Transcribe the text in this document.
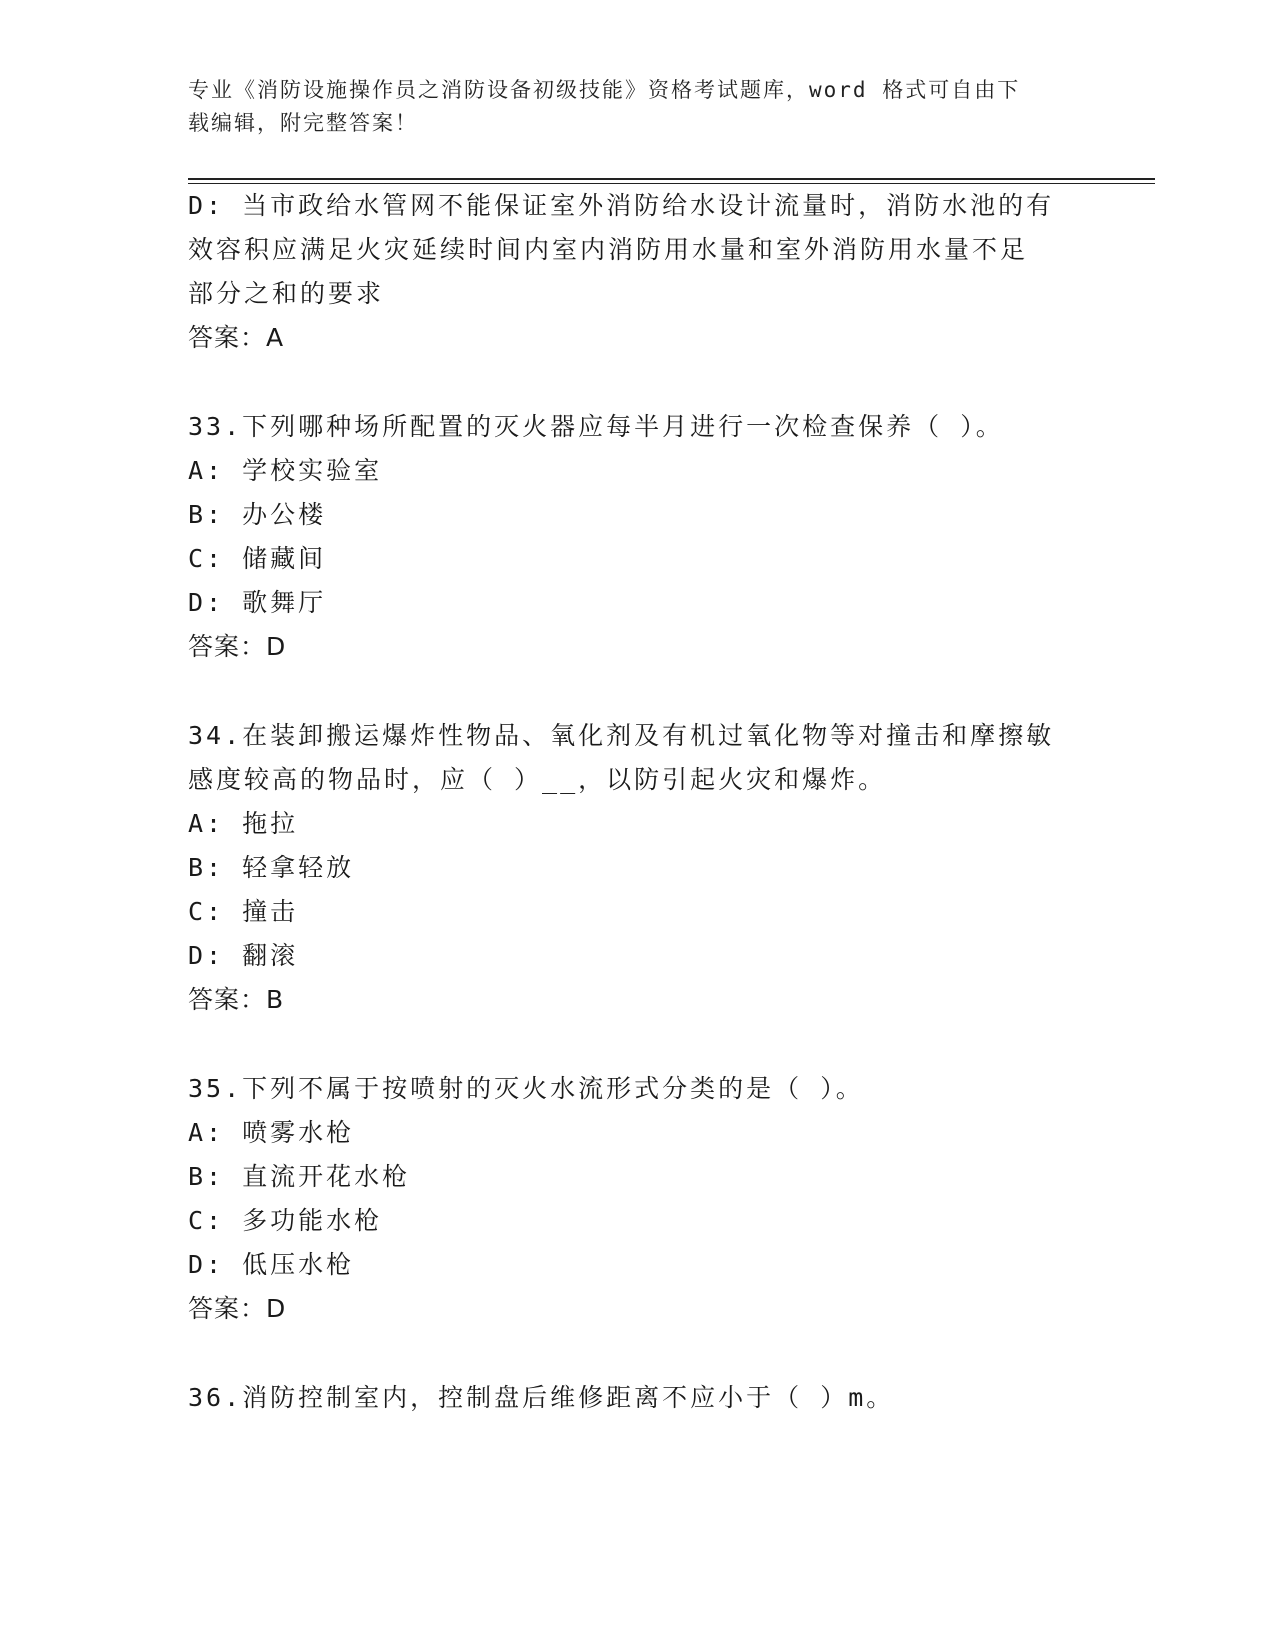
专业《消防设施操作员之消防设备初级技能》资格考试题库，word 格式可自由下
载编辑，附完整答案！
D: 当市政给水管网不能保证室外消防给水设计流量时，消防水池的有
效容积应满足火灾延续时间内室内消防用水量和室外消防用水量不足
部分之和的要求
答案：A
33.下列哪种场所配置的灭火器应每半月进行一次检查保养（ ）。
A: 学校实验室
B: 办公楼
C: 储藏间
D: 歌舞厅
答案：D
34.在装卸搬运爆炸性物品、氧化剂及有机过氧化物等对撞击和摩擦敏
感度较高的物品时，应（ ）__，以防引起火灾和爆炸。
A: 拖拉
B: 轻拿轻放
C: 撞击
D: 翻滚
答案：B
35.下列不属于按喷射的灭火水流形式分类的是（ ）。
A: 喷雾水枪
B: 直流开花水枪
C: 多功能水枪
D: 低压水枪
答案：D
36.消防控制室内，控制盘后维修距离不应小于（ ）m。
